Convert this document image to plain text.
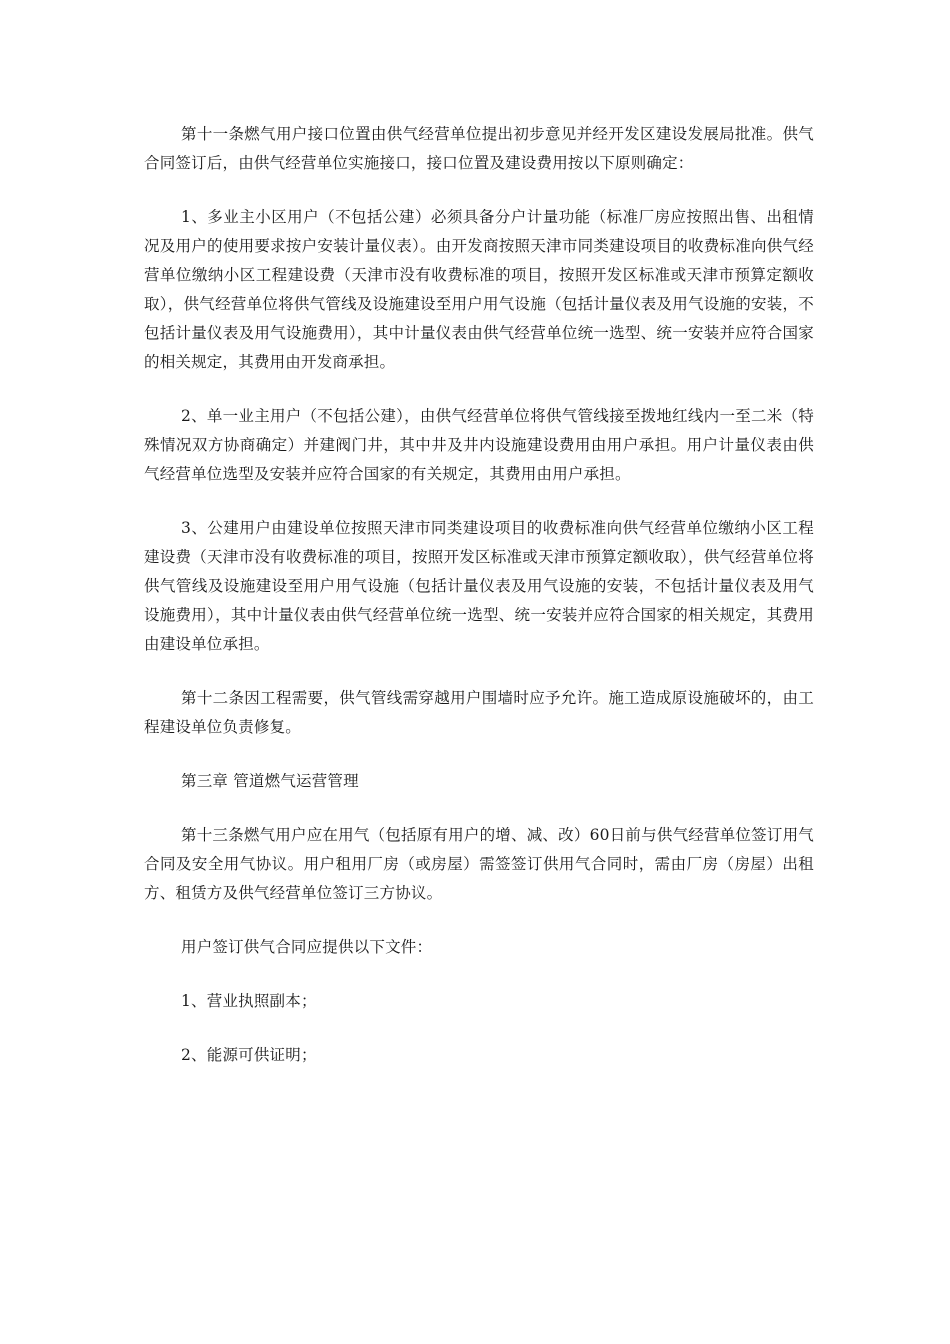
第十一条燃气用户接口位置由供气经营单位提出初步意见并经开发区建设发展局批准。供气合同签订后，由供气经营单位实施接口，接口位置及建设费用按以下原则确定：

1、多业主小区用户（不包括公建）必须具备分户计量功能（标准厂房应按照出售、出租情况及用户的使用要求按户安装计量仪表）。由开发商按照天津市同类建设项目的收费标准向供气经营单位缴纳小区工程建设费（天津市没有收费标准的项目，按照开发区标准或天津市预算定额收取），供气经营单位将供气管线及设施建设至用户用气设施（包括计量仪表及用气设施的安装，不包括计量仪表及用气设施费用），其中计量仪表由供气经营单位统一选型、统一安装并应符合国家的相关规定，其费用由开发商承担。

2、单一业主用户（不包括公建），由供气经营单位将供气管线接至拨地红线内一至二米（特殊情况双方协商确定）并建阀门井，其中井及井内设施建设费用由用户承担。用户计量仪表由供气经营单位选型及安装并应符合国家的有关规定，其费用由用户承担。

3、公建用户由建设单位按照天津市同类建设项目的收费标准向供气经营单位缴纳小区工程建设费（天津市没有收费标准的项目，按照开发区标准或天津市预算定额收取），供气经营单位将供气管线及设施建设至用户用气设施（包括计量仪表及用气设施的安装，不包括计量仪表及用气设施费用），其中计量仪表由供气经营单位统一选型、统一安装并应符合国家的相关规定，其费用由建设单位承担。

第十二条因工程需要，供气管线需穿越用户围墙时应予允许。施工造成原设施破坏的，由工程建设单位负责修复。

第三章 管道燃气运营管理

第十三条燃气用户应在用气（包括原有用户的增、减、改）60日前与供气经营单位签订用气合同及安全用气协议。用户租用厂房（或房屋）需签签订供用气合同时，需由厂房（房屋）出租方、租赁方及供气经营单位签订三方协议。

用户签订供气合同应提供以下文件：

1、营业执照副本；

2、能源可供证明；
